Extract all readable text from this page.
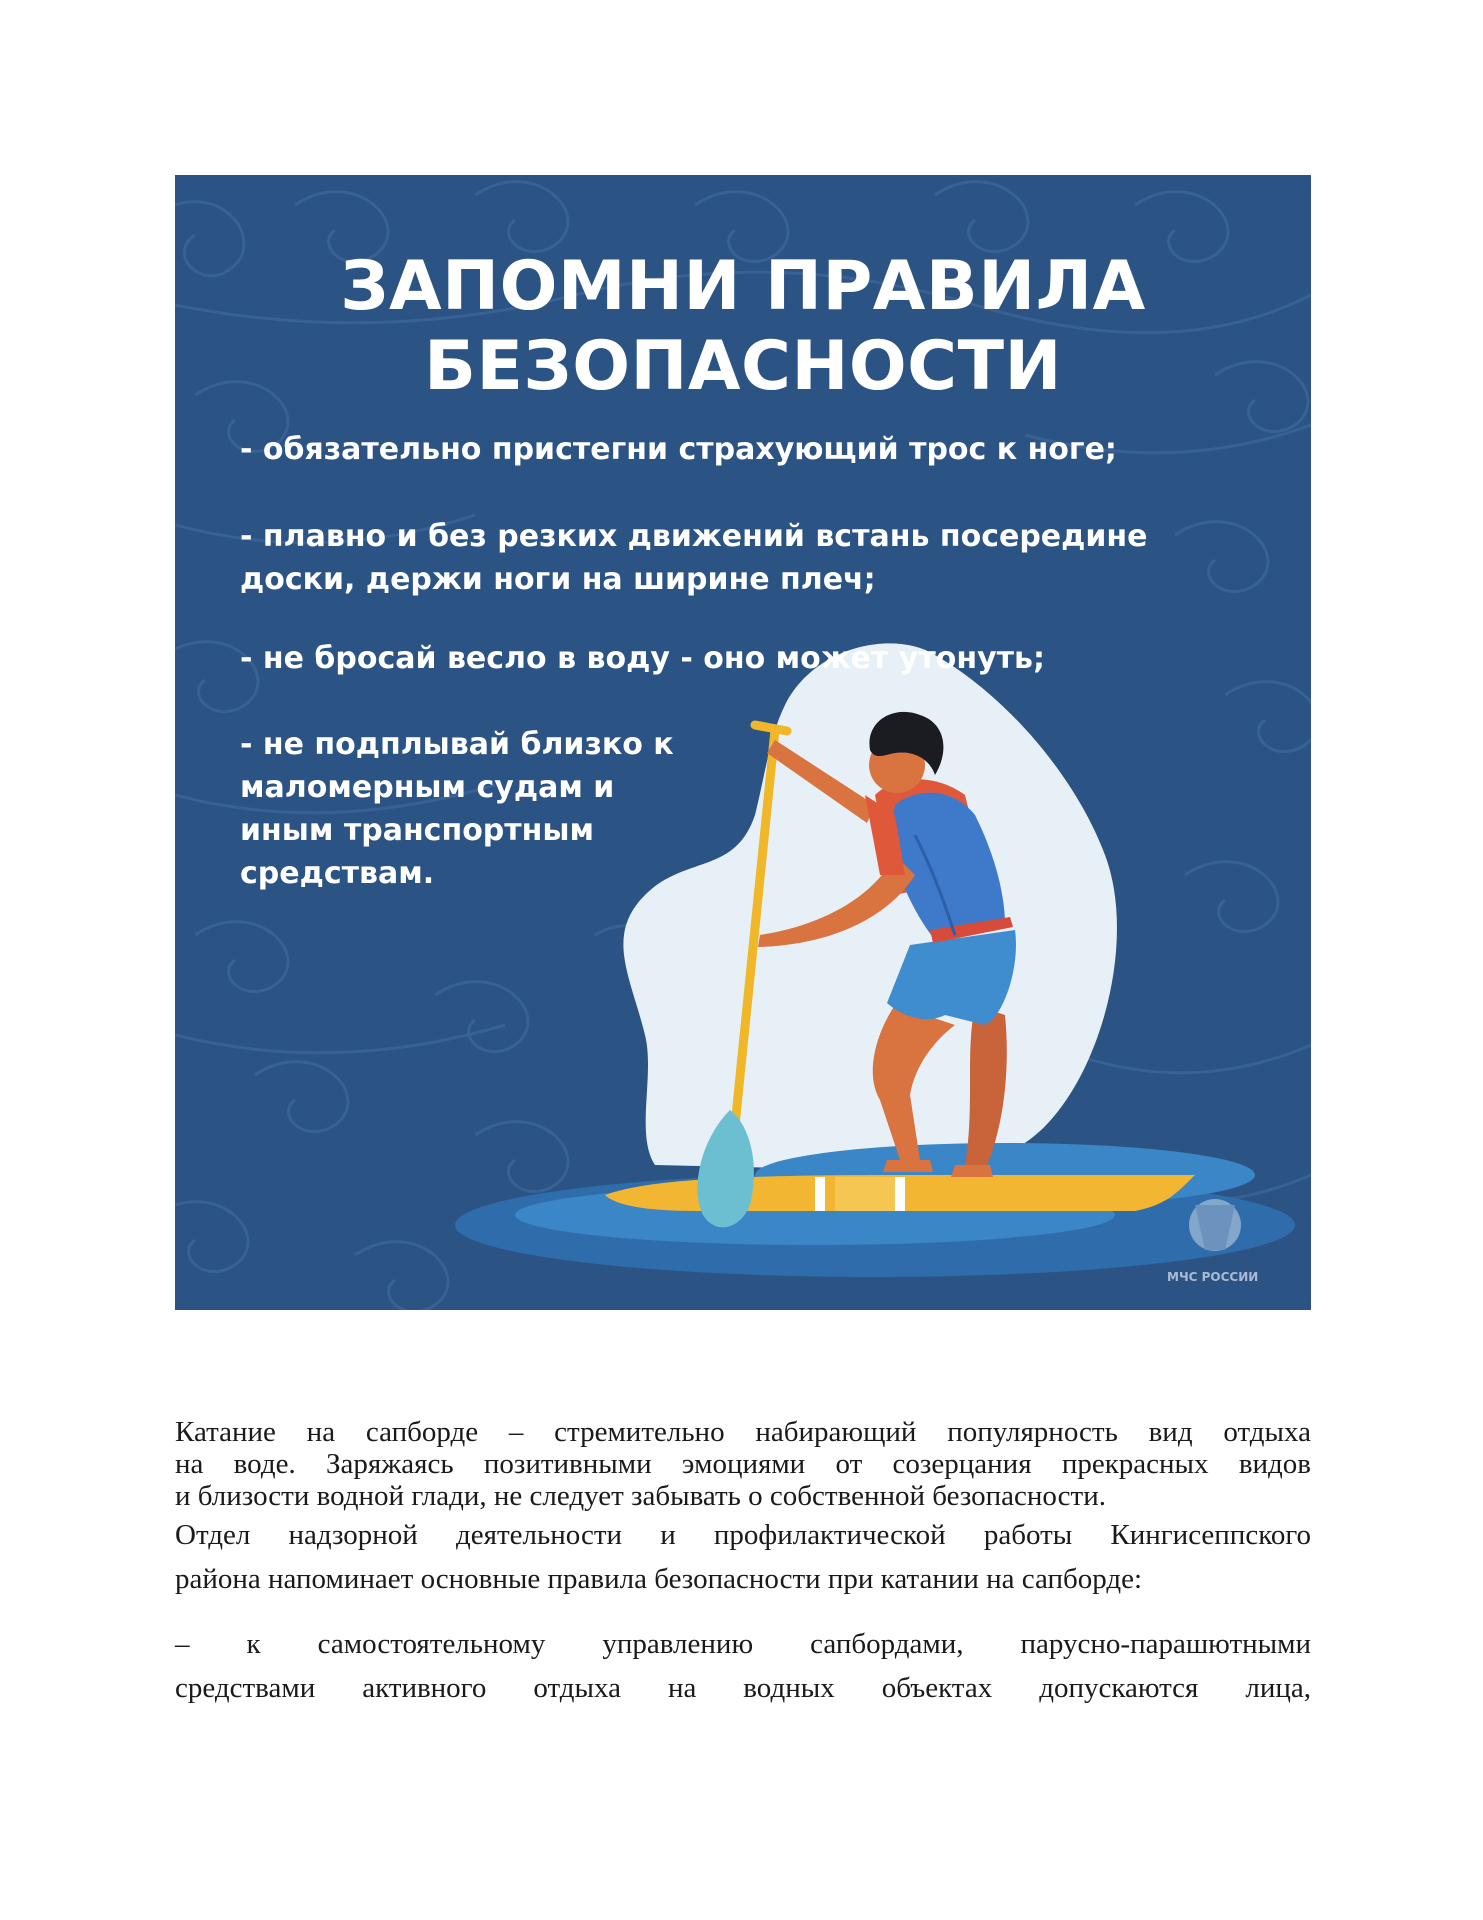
ЗАПОМНИ ПРАВИЛА
БЕЗОПАСНОСТИ

- обязательно пристегни страхующий трос к ноге;

- плавно и без резких движений встань посередине

доски, держи ноги на ширине плеч;

- не бросай весло в воду - оно может утонуть;

- не подплывай близко к

маломерным судам и

иным транспортным

средствам.

МЧС РОССИИ

Катание на сапборде – стремительно набирающий популярность вид отдыха

на воде. Заряжаясь позитивными эмоциями от созерцания прекрасных видов

и близости водной глади, не следует забывать о собственной безопасности.

Отдел надзорной деятельности и профилактической работы Кингисеппского

района напоминает основные правила безопасности при катании на сапборде:

– к самостоятельному управлению сапбордами, парусно-парашютными

средствами активного отдыха на водных объектах допускаются лица,
